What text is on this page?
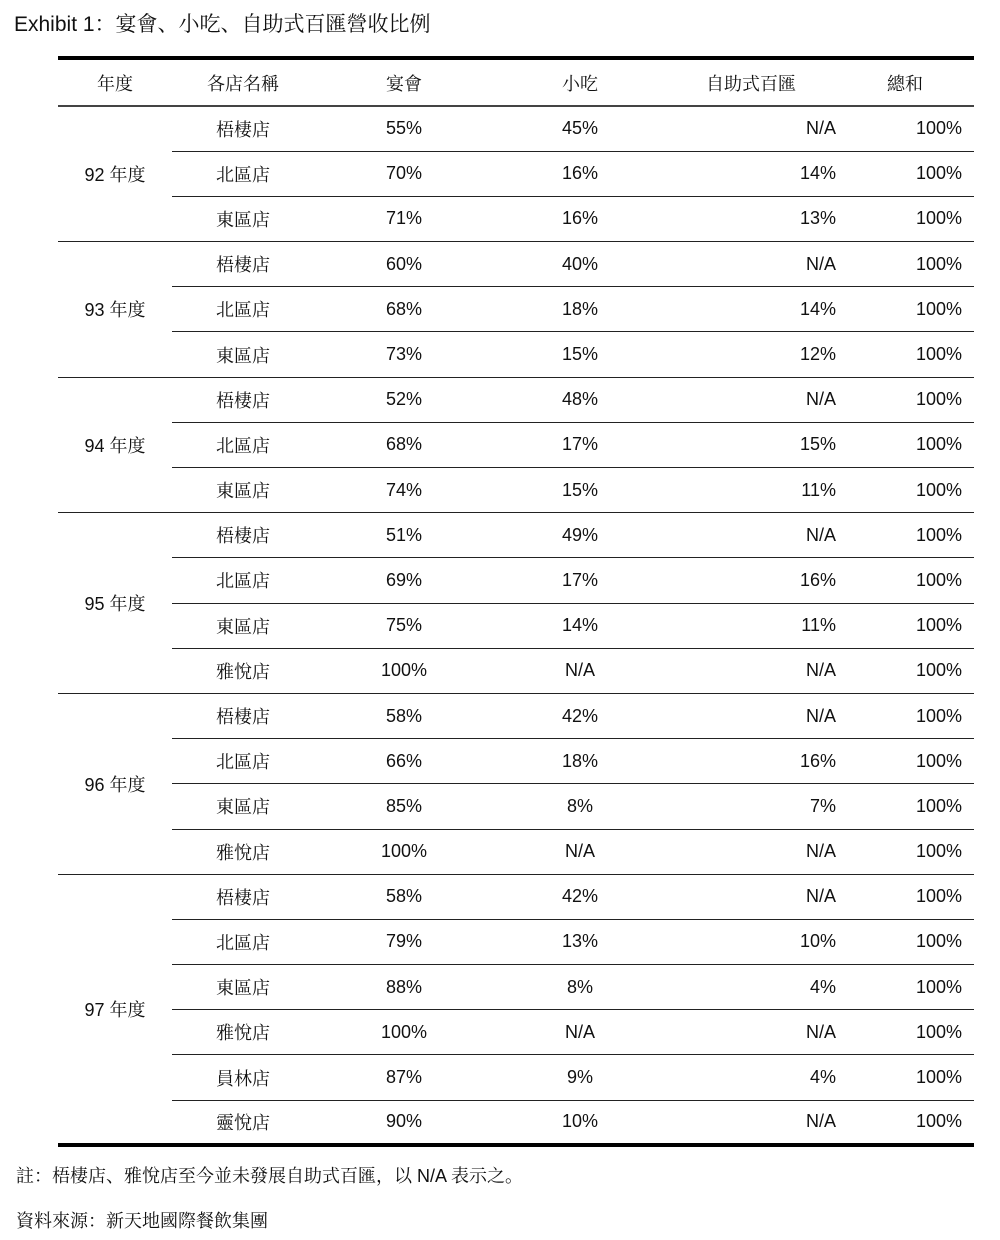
Exhibit 1：宴會、小吃、自助式百匯營收比例
年度	各店名稱	宴會	小吃	自助式百匯	總和
92 年度	梧棲店	55%	45%	N/A	100%
	北區店	70%	16%	14%	100%
	東區店	71%	16%	13%	100%
93 年度	梧棲店	60%	40%	N/A	100%
	北區店	68%	18%	14%	100%
	東區店	73%	15%	12%	100%
94 年度	梧棲店	52%	48%	N/A	100%
	北區店	68%	17%	15%	100%
	東區店	74%	15%	11%	100%
95 年度	梧棲店	51%	49%	N/A	100%
	北區店	69%	17%	16%	100%
	東區店	75%	14%	11%	100%
	雅悅店	100%	N/A	N/A	100%
96 年度	梧棲店	58%	42%	N/A	100%
	北區店	66%	18%	16%	100%
	東區店	85%	8%	7%	100%
	雅悅店	100%	N/A	N/A	100%
97 年度	梧棲店	58%	42%	N/A	100%
	北區店	79%	13%	10%	100%
	東區店	88%	8%	4%	100%
	雅悅店	100%	N/A	N/A	100%
	員林店	87%	9%	4%	100%
	靈悅店	90%	10%	N/A	100%
註：梧棲店、雅悅店至今並未發展自助式百匯，以 N/A 表示之。
資料來源：新天地國際餐飲集團
